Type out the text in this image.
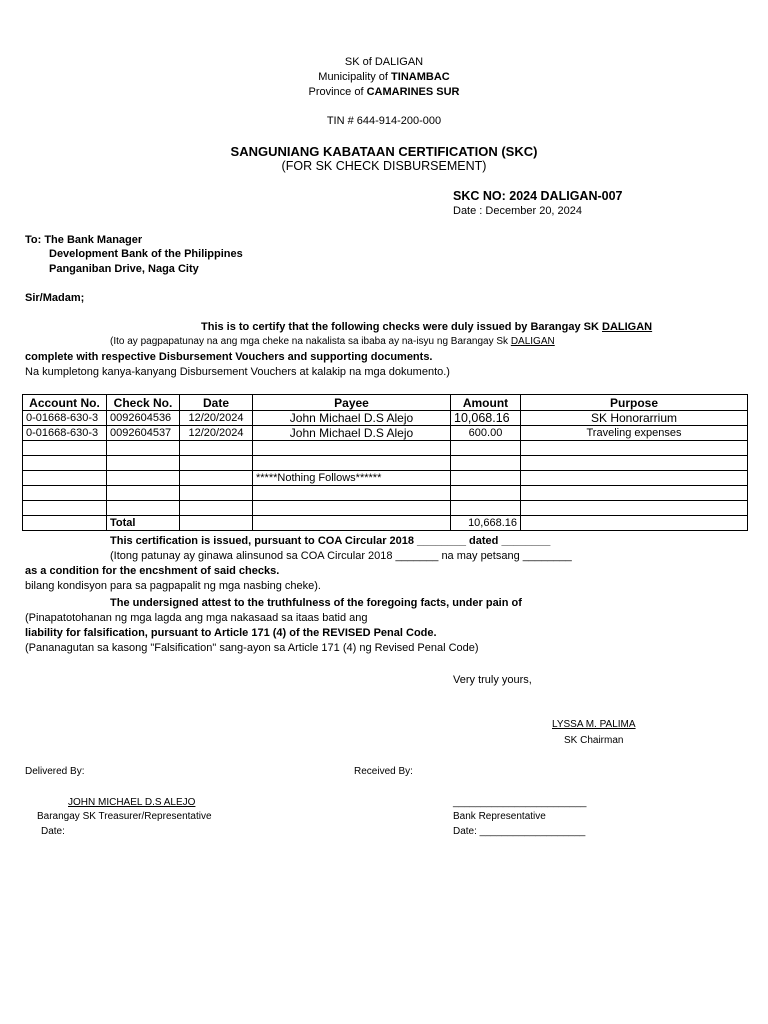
SK of DALIGAN
Municipality of TINAMBAC
Province of CAMARINES SUR
TIN # 644-914-200-000
SANGUNIANG KABATAAN CERTIFICATION (SKC)
(FOR SK CHECK DISBURSEMENT)
SKC NO: 2024 DALIGAN-007
Date : December 20, 2024
To: The Bank Manager
Development Bank of the Philippines
Panganiban Drive, Naga City
Sir/Madam;
This is to certify that the following checks were duly issued by Barangay SK DALIGAN
(Ito ay pagpapatunay na ang mga cheke na nakalista sa ibaba ay na-isyu ng Barangay Sk DALIGAN
complete with respective Disbursement Vouchers and supporting documents.
Na kumpletong kanya-kanyang Disbursement Vouchers at kalakip na mga dokumento.)
Account No.	Check No.	Date	Payee	Amount	Purpose
0-01668-630-3	0092604536	12/20/2024	John Michael D.S Alejo	10,068.16	SK Honorarrium
0-01668-630-3	0092604537	12/20/2024	John Michael D.S Alejo	600.00	Traveling expenses

			*****Nothing Follows******		

	Total			10,668.16	
This certification is issued, pursuant to COA Circular 2018 ________ dated ________
(Itong patunay ay ginawa alinsunod sa COA Circular 2018 _______ na may petsang ________
as a condition for the encshment of said checks.
bilang kondisyon para sa pagpapalit ng mga nasbing cheke).
The undersigned attest to the truthfulness of the foregoing facts, under pain of
(Pinapatotohanan ng mga lagda ang mga nakasaad sa itaas batid ang
liability for falsification, pursuant to Article 171 (4) of the REVISED Penal Code.
(Pananagutan sa kasong "Falsification" sang-ayon sa Article 171 (4) ng Revised Penal Code)
Very truly yours,
LYSSA M. PALIMA
SK Chairman
Delivered By:	Received By:
JOHN MICHAEL D.S ALEJO
Barangay SK Treasurer/Representative
Date:
________________________
Bank Representative
Date: ___________________
